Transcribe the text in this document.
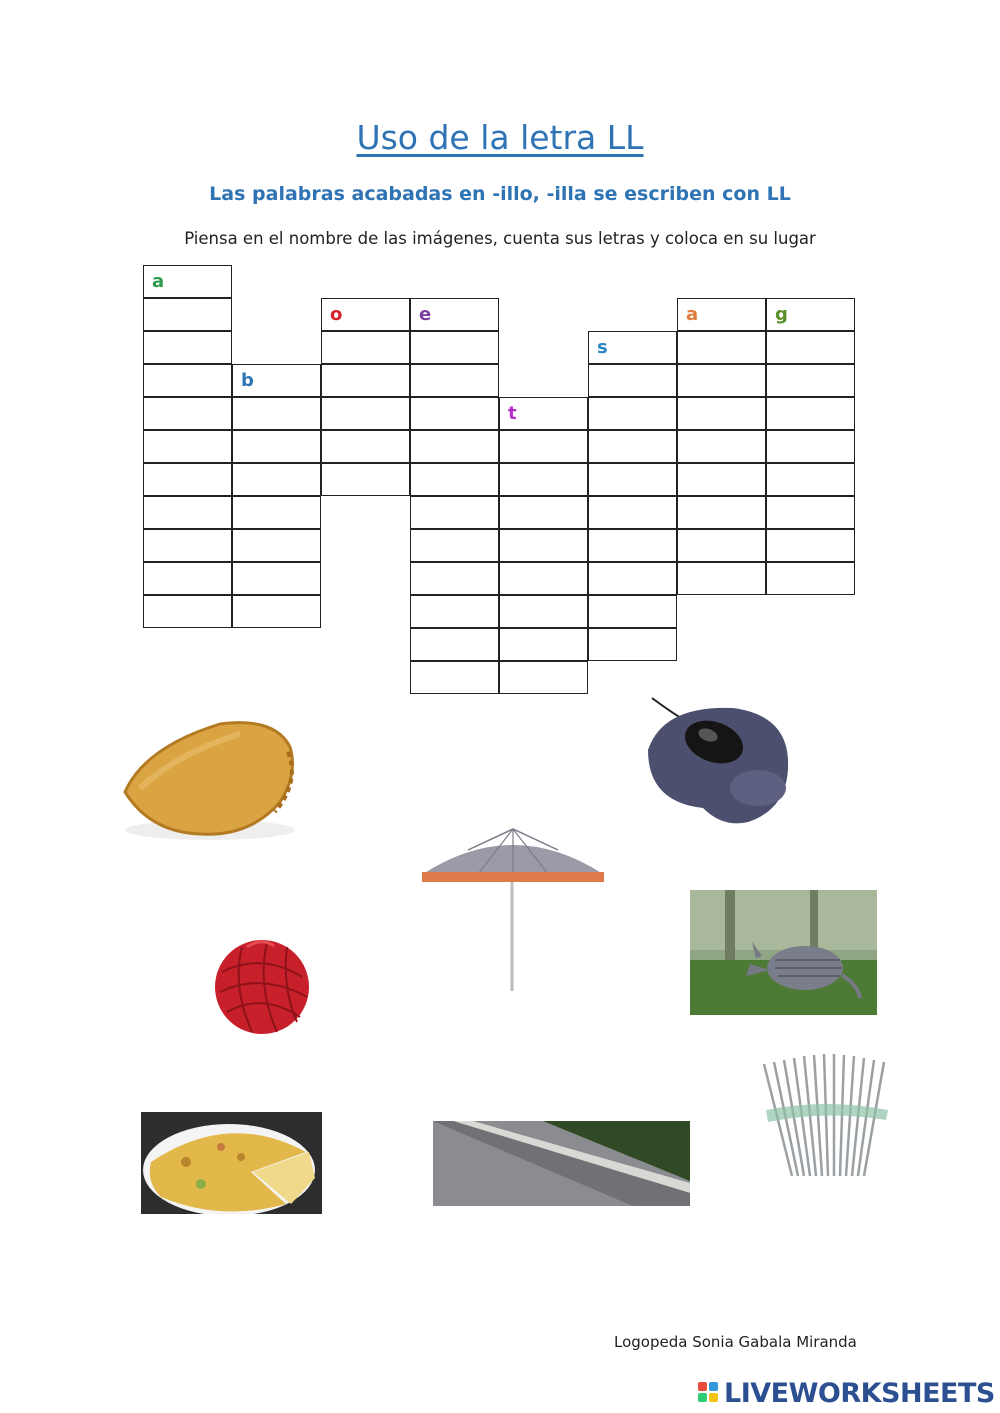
Uso de la letra LL
Las palabras acabadas en -illo, -illa se escriben con LL
Piensa en el nombre de las imágenes, cuenta sus letras y coloca en su lugar
a
b
o	e
t
s
a	g
Logopeda Sonia Gabala Miranda
LIVEWORKSHEETS
